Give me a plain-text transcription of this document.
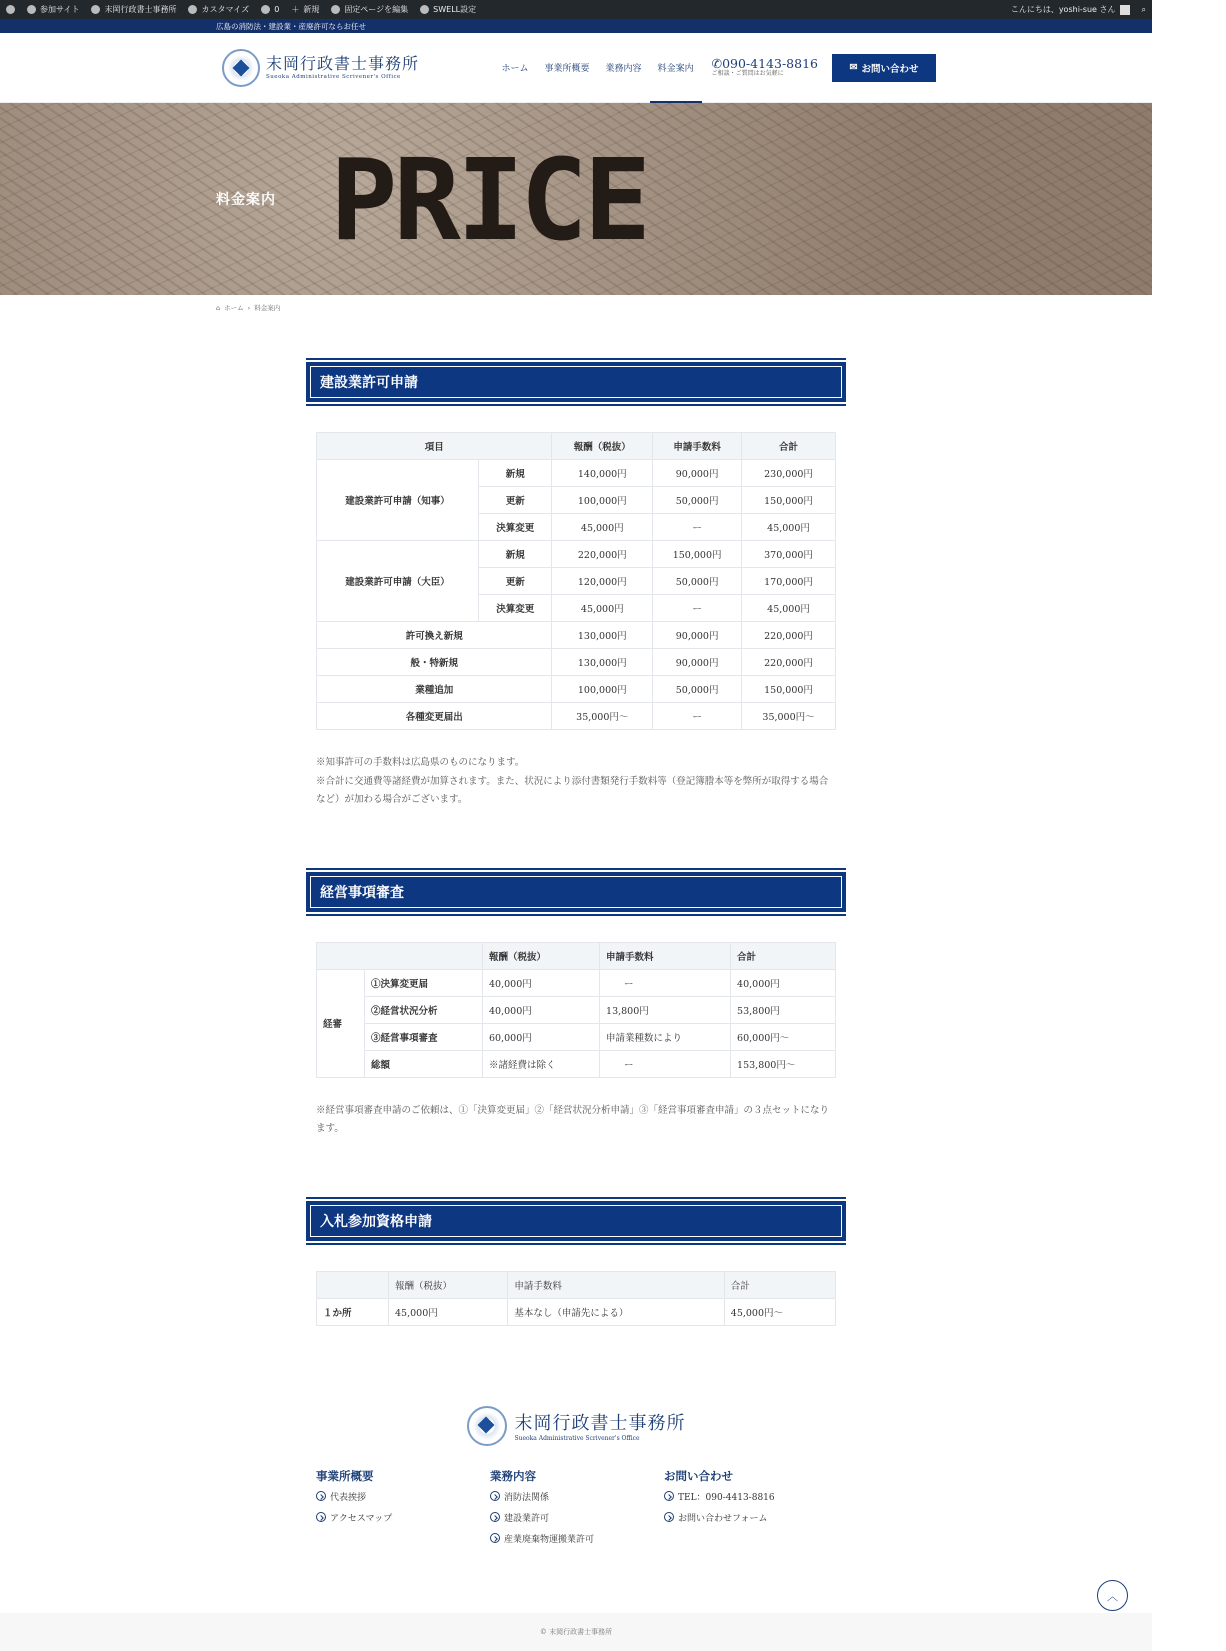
参加サイト	末岡行政書士事務所	カスタマイズ	0 ＋ 新規	固定ページを編集	SWELL設定	こんにちは、yoshi-sue さん	⌕
広島の消防法・建設業・産廃許可ならお任せ	◉ ⌕
末岡行政書士事務所
Sueoka Administrative Scrivener's Office
ホーム 事業所概要 業務内容 料金案内 ✆090-4143-8816
ご相談・ご質問はお気軽に
✉ お問い合わせ
料金案内 PRICE
⌂ ホーム › 料金案内
建設業許可申請
項目		報酬（税抜）	申請手数料	合計
建設業許可申請（知事）	新規	140,000円	90,000円	230,000円
	更新	100,000円	50,000円	150,000円
	決算変更	45,000円	ー	45,000円
建設業許可申請（大臣）	新規	220,000円	150,000円	370,000円
	更新	120,000円	50,000円	170,000円
	決算変更	45,000円	ー	45,000円
許可換え新規		130,000円	90,000円	220,000円
般・特新規		130,000円	90,000円	220,000円
業種追加		100,000円	50,000円	150,000円
各種変更届出		35,000円〜	ー	35,000円〜
※知事許可の手数料は広島県のものになります。
※合計に交通費等諸経費が加算されます。また、状況により添付書類発行手数料等（登記簿謄本等を弊所が取得する場合など）が加わる場合がございます。
経営事項審査
		報酬（税抜）	申請手数料	合計
経審	①決算変更届	40,000円	ー	40,000円
	②経営状況分析	40,000円	13,800円	53,800円
	③経営事項審査	60,000円	申請業種数により	60,000円〜
	総額	※諸経費は除く	ー	153,800円〜
※経営事項審査申請のご依頼は、①「決算変更届」②「経営状況分析申請」③「経営事項審査申請」の３点セットになります。
入札参加資格申請
	報酬（税抜）	申請手数料	合計
１か所	45,000円	基本なし（申請先による）	45,000円〜
末岡行政書士事務所
Sueoka Administrative Scrivener's Office
事業所概要
代表挨拶
アクセスマップ
業務内容
消防法関係
建設業許可
産業廃棄物運搬業許可
お問い合わせ
TEL：090-4413-8816
お問い合わせフォーム
© 末岡行政書士事務所
︿
